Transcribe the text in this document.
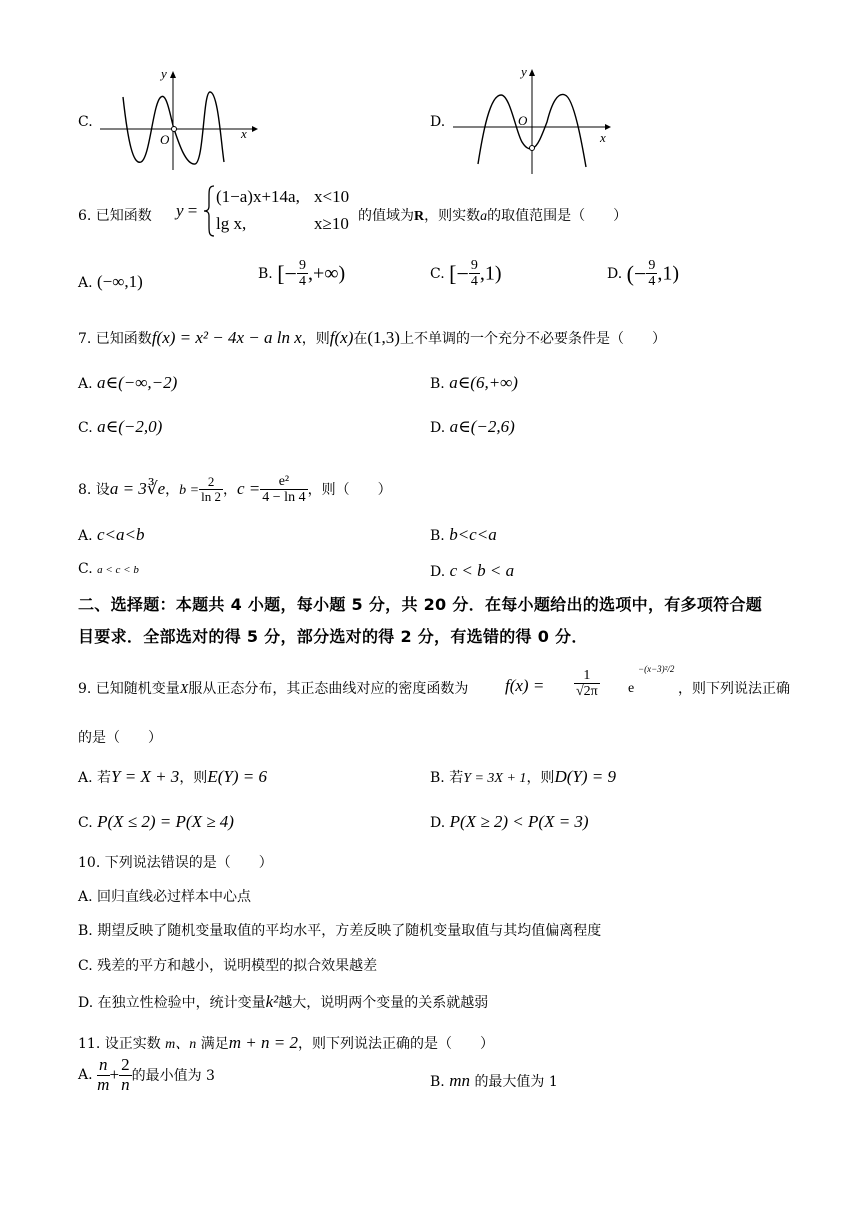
C.
y
x
O
D.
y
x
O
6. 已知函数 y =
(1−a)x+14a, x<10
lg x,	x≥10 的值域为R，则实数a的取值范围是（　　）
A. (−∞,1)	B. [− $\frac{9}{4}$ ,+∞)	C. [− $\frac{9}{4} ,1$)	D. (− $\frac{9}{4} ,1$)
7. 已知函数f(x) = x² − 4x − a ln x，则f(x)在(1,3)上不单调的一个充分不必要条件是（　　）
A. a∈(−∞,−2)	B. a∈(6,+∞)
C. a∈(−2,0)	D. a∈(−2,6)
8. 设a = 3∛e，$b = \frac{2}{\ln 2}$ ，$c = \frac{\text{e²}}{4 - \ln 4}$ ，则（　　）
A. c<a<b	B. b<c<a
C. a < c < b	D. c < b < a
二、选择题：本题共 4 小题，每小题 5 分，共 20 分．在每小题给出的选项中，有多项符合题
目要求．全部选对的得 5 分，部分选对的得 2 分，有选错的得 0 分．
9. 已知随机变量X服从正态分布，其正态曲线对应的密度函数为 $f(x) = \frac{1}{√2\pi}$ e
−(x−3)²/2
，则下列说法正确
的是（　　）
A. 若Y = X + 3，则E(Y) = 6	B. 若Y = 3X + 1，则D(Y) = 9
C. P(X ≤ 2) = P(X ≥ 4)	D. P(X ≥ 2) < P(X = 3)
10. 下列说法错误的是（　　）
A. 回归直线必过样本中心点
B. 期望反映了随机变量取值的平均水平，方差反映了随机变量取值与其均值偏离程度
C. 残差的平方和越小，说明模型的拟合效果越差
D. 在独立性检验中，统计变量k²越大，说明两个变量的关系就越弱
11. 设正实数 m、n 满足m + n = 2，则下列说法正确的是（　　）
A. $\frac{n}{m} + \frac{2}{n}$ 的最小值为 3	B. mn 的最大值为 1
